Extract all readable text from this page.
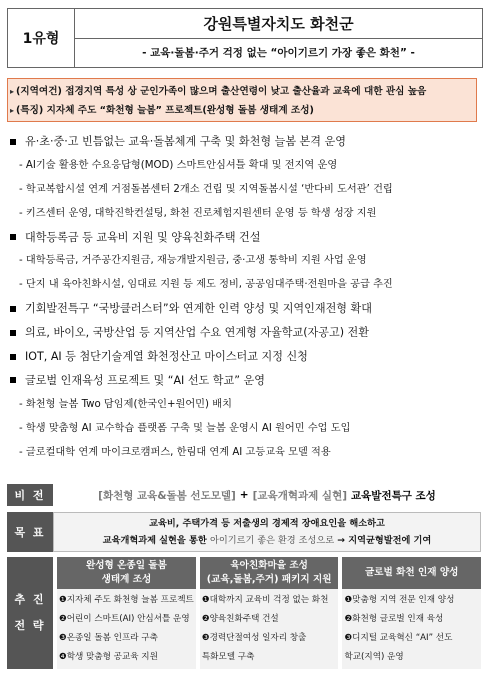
1유형
강원특별자치도 화천군
- 교육·돌봄·주거 걱정 없는 “아이기르기 가장 좋은 화천” -
▸ (지역여건) 접경지역 특성 상 군인가족이 많으며 출산연령이 낮고 출산율과 교육에 대한 관심 높음
▸ (특징) 지자체 주도 “화천형 늘봄” 프로젝트(완성형 돌봄 생태계 조성)
유·초·중·고 빈틈없는 교육·돌봄체계 구축 및 화천형 늘봄 본격 운영
- AI기술 활용한 수요응답형(MOD) 스마트안심셔틀 확대 및 전지역 운영
- 학교복합시설 연계 거점돌봄센터 2개소 건립 및 지역돌봄시설 ‘반다비 도서관’ 건립
- 키즈센터 운영, 대학진학컨설팅, 화천 진로체험지원센터 운영 등 학생 성장 지원
대학등록금 등 교육비 지원 및 양육친화주택 건설
- 대학등록금, 거주공간지원금, 재능개발지원금, 중·고생 통학비 지원 사업 운영
- 단지 내 육아친화시설, 임대료 지원 등 제도 정비, 공공임대주택·전원마을 공급 추진
기회발전특구 “국방클러스터”와 연계한 인력 양성 및 지역인재전형 확대
의료, 바이오, 국방산업 등 지역산업 수요 연계형 자율학교(자공고) 전환
IOT, AI 등 첨단기술계열 화천정산고 마이스터교 지정 신청
글로벌 인재육성 프로젝트 및 “AI 선도 학교” 운영
- 화천형 늘봄 Two 담임제(한국인+원어민) 배치
- 학생 맞춤형 AI 교수학습 플랫폼 구축 및 늘봄 운영시 AI 원어민 수업 도입
- 글로컬대학 연계 마이크로캠퍼스, 한림대 연계 AI 고등교육 모델 적용
비 전	[화천형 교육&돌봄 선도모델] + [교육개혁과제 실현] 교육발전특구 조성
목 표
교육비, 주택가격 등 저출생의 경제적 장애요인을 해소하고
교육개혁과제 실현을 통한 아이기르기 좋은 환경 조성으로 → 지역균형발전에 기여
추 진
전 략
완성형 온종일 돌봄
생태계 조성
❶지자체 주도 화천형 늘봄 프로젝트
❷어린이 스마트(AI) 안심셔틀 운영
❸온종일 돌봄 인프라 구축
❹학생 맞춤형 공교육 지원
육아친화마을 조성
(교육,돌봄,주거) 패키지 지원
❶대학까지 교육비 걱정 없는 화천
❷양육친화주택 건설
❸경력단절여성 일자리 창출
특화모델 구축
글로벌 화천 인재 양성
❶맞춤형 지역 전문 인재 양성
❷화천형 글로벌 인재 육성
❸디지털 교육혁신 “AI” 선도
학교(지역) 운영
